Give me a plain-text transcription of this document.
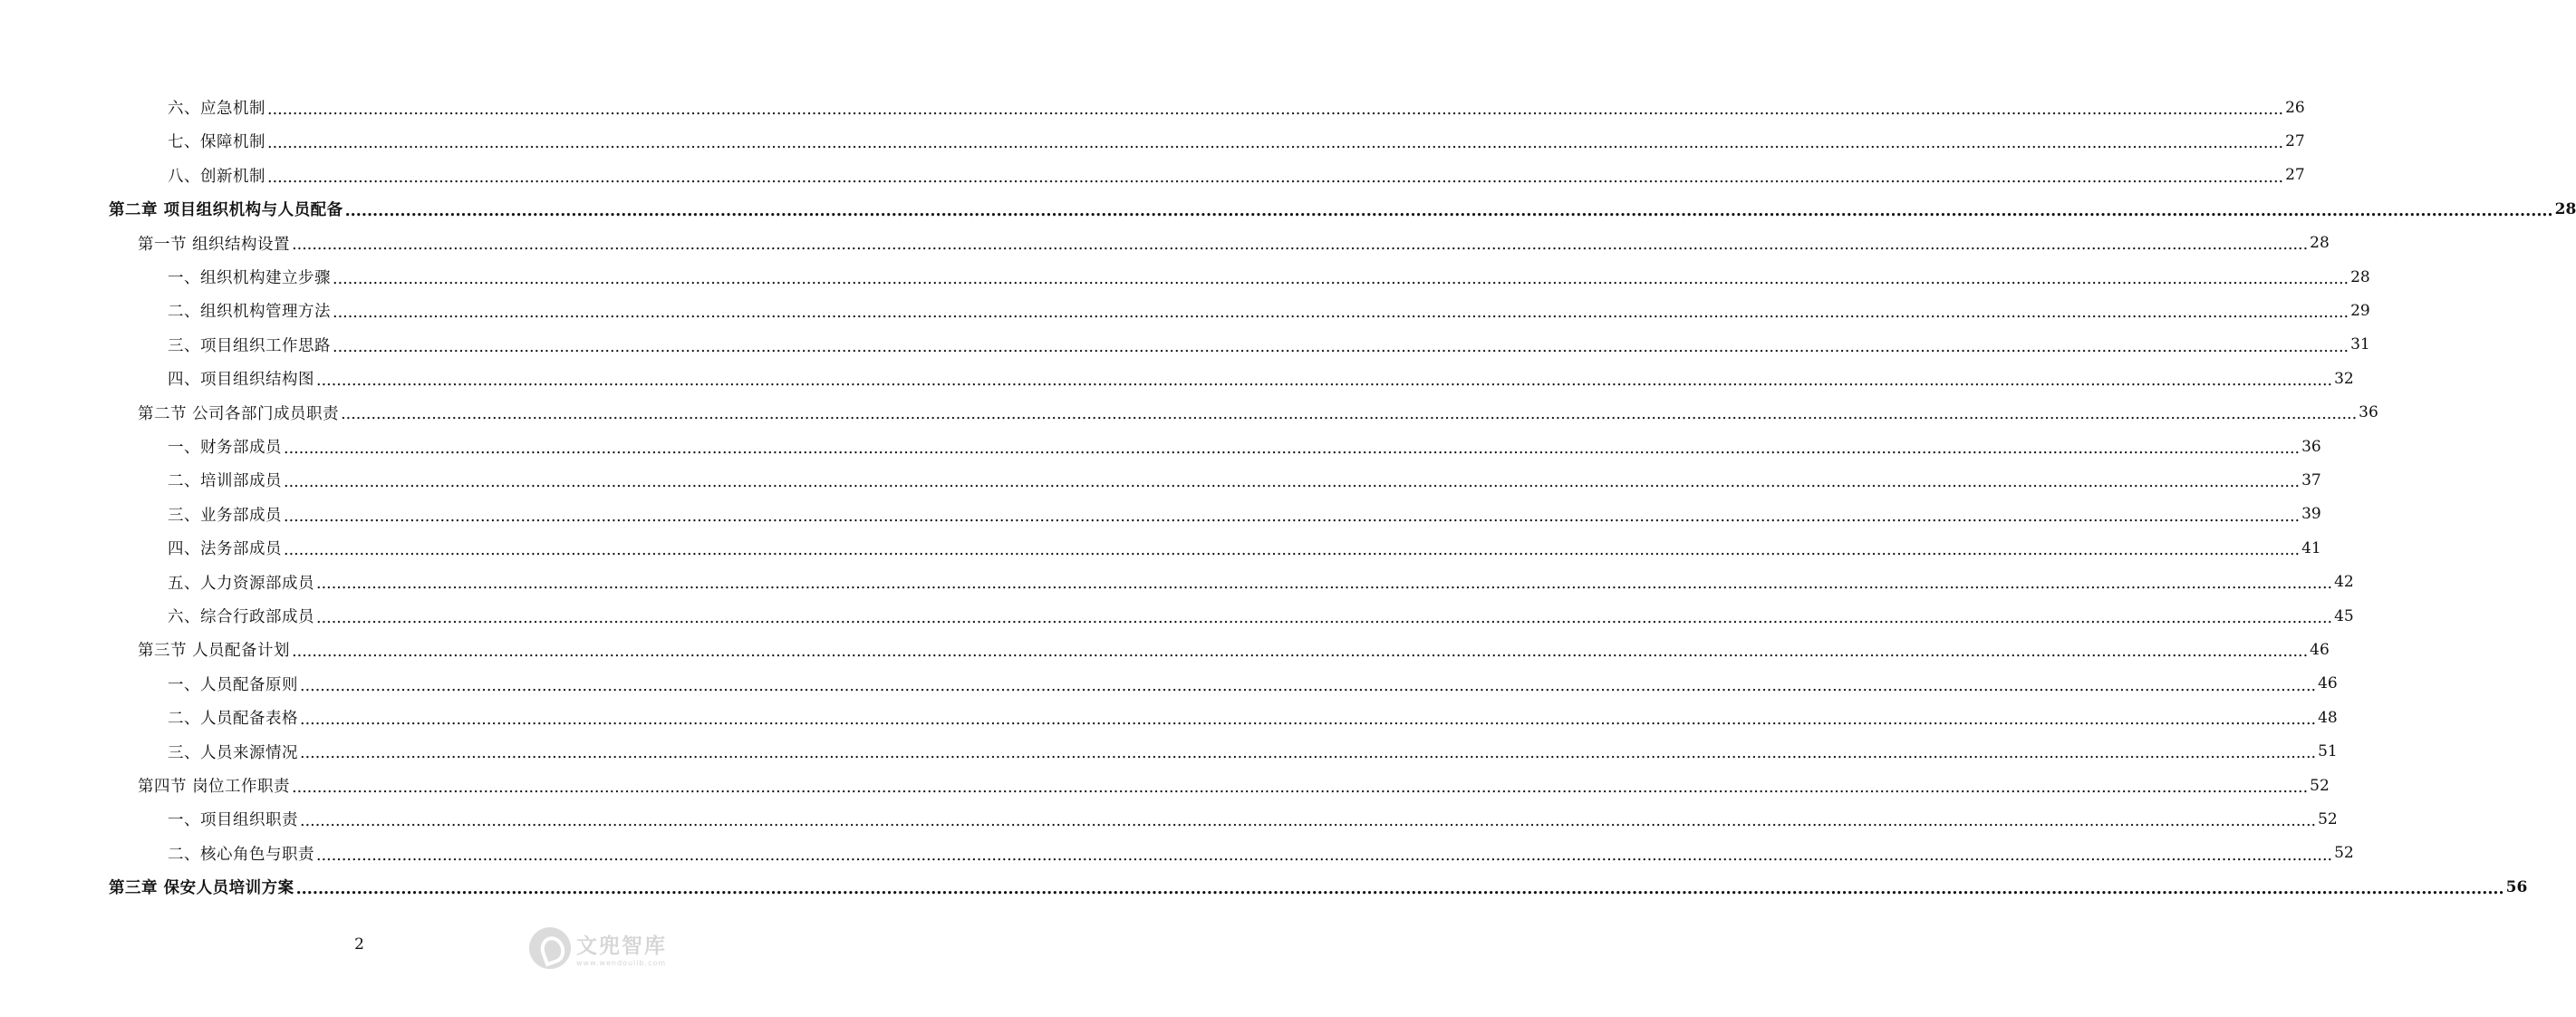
六、应急机制 ................................................................................................................................................................................................................................................................................................................................................................................................................ 26
七、保障机制 ................................................................................................................................................................................................................................................................................................................................................................................................................ 27
八、创新机制 ................................................................................................................................................................................................................................................................................................................................................................................................................ 27
第二章 项目组织机构与人员配备 ................................................................................................................................................................................................................................................................................................................................................................................................................ 28
第一节 组织结构设置 ................................................................................................................................................................................................................................................................................................................................................................................................................ 28
一、组织机构建立步骤 ................................................................................................................................................................................................................................................................................................................................................................................................................ 28
二、组织机构管理方法 ................................................................................................................................................................................................................................................................................................................................................................................................................ 29
三、项目组织工作思路 ................................................................................................................................................................................................................................................................................................................................................................................................................ 31
四、项目组织结构图 ................................................................................................................................................................................................................................................................................................................................................................................................................ 32
第二节 公司各部门成员职责 ................................................................................................................................................................................................................................................................................................................................................................................................................ 36
一、财务部成员 ................................................................................................................................................................................................................................................................................................................................................................................................................ 36
二、培训部成员 ................................................................................................................................................................................................................................................................................................................................................................................................................ 37
三、业务部成员 ................................................................................................................................................................................................................................................................................................................................................................................................................ 39
四、法务部成员 ................................................................................................................................................................................................................................................................................................................................................................................................................ 41
五、人力资源部成员 ................................................................................................................................................................................................................................................................................................................................................................................................................ 42
六、综合行政部成员 ................................................................................................................................................................................................................................................................................................................................................................................................................ 45
第三节 人员配备计划 ................................................................................................................................................................................................................................................................................................................................................................................................................ 46
一、人员配备原则 ................................................................................................................................................................................................................................................................................................................................................................................................................ 46
二、人员配备表格 ................................................................................................................................................................................................................................................................................................................................................................................................................ 48
三、人员来源情况 ................................................................................................................................................................................................................................................................................................................................................................................................................ 51
第四节 岗位工作职责 ................................................................................................................................................................................................................................................................................................................................................................................................................ 52
一、项目组织职责 ................................................................................................................................................................................................................................................................................................................................................................................................................ 52
二、核心角色与职责 ................................................................................................................................................................................................................................................................................................................................................................................................................ 52
第三章 保安人员培训方案 ................................................................................................................................................................................................................................................................................................................................................................................................................ 56
2	文兜智库
www.wendoulib.com
